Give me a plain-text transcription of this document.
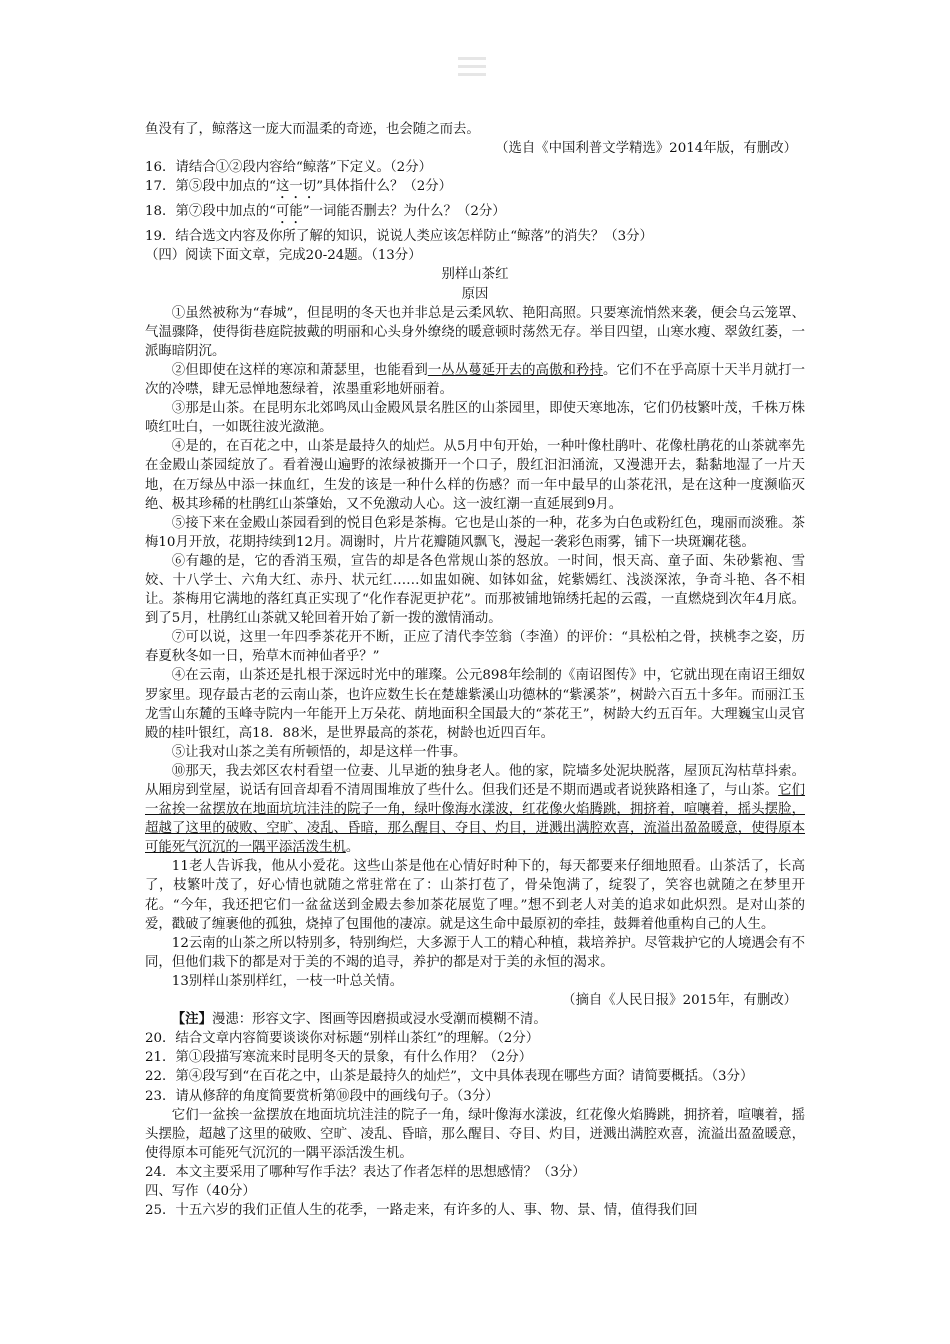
鱼没有了，鲸落这一庞大而温柔的奇迹，也会随之而去。

（选自《中国利普文学精选》2014年版，有删改）

16．请结合①②段内容给“鲸落”下定义。（2分）

17．第⑤段中加点的“这一切”具体指什么？（2分）

18．第⑦段中加点的“可能”一词能否删去？为什么？（2分）

19．结合选文内容及你所了解的知识，说说人类应该怎样防止“鲸落”的消失？（3分）

（四）阅读下面文章，完成20-24题。（13分）

别样山茶红

原因

①虽然被称为“春城”，但昆明的冬天也并非总是云柔风软、艳阳高照。只要寒流悄然来袭，便会乌云笼罩、气温骤降，使得街巷庭院披戴的明丽和心头身外缭绕的暖意顿时荡然无存。举目四望，山寒水瘦、翠敛红萎，一派晦暗阴沉。

②但即使在这样的寒凉和萧瑟里，也能看到一丛丛蔓延开去的高傲和矜持。它们不在乎高原十天半月就打一次的冷噤，肆无忌惮地葱绿着，浓墨重彩地妍丽着。

③那是山茶。在昆明东北郊鸣凤山金殿风景名胜区的山茶园里，即使天寒地冻，它们仍枝繁叶茂，千株万株喷红吐白，一如既往波光潋滟。

④是的，在百花之中，山茶是最持久的灿烂。从5月中旬开始，一种叶像杜鹃叶、花像杜鹃花的山茶就率先在金殿山茶园绽放了。看着漫山遍野的浓绿被撕开一个口子，殷红汩汩涌流，又漫漶开去，黏黏地湿了一片天地，在万绿丛中添一抹血红，生发的该是一种什么样的伤感？而一年中最早的山茶花汛，是在这种一度濒临灭绝、极其珍稀的杜鹃红山茶肇始，又不免激动人心。这一波红潮一直延展到9月。

⑤接下来在金殿山茶园看到的悦目色彩是茶梅。它也是山茶的一种，花多为白色或粉红色，瑰丽而淡雅。茶梅10月开放，花期持续到12月。凋谢时，片片花瓣随风飘飞，漫起一袭彩色雨雾，铺下一块斑斓花毯。

⑥有趣的是，它的香消玉殒，宣告的却是各色常规山茶的怒放。一时间，恨天高、童子面、朱砂紫袍、雪姣、十八学士、六角大红、赤丹、状元红……如盅如碗、如钵如盆，姹紫嫣红、浅淡深浓，争奇斗艳、各不相让。茶梅用它满地的落红真正实现了“化作春泥更护花”。而那被铺地锦绣托起的云霞，一直燃烧到次年4月底。到了5月，杜鹃红山茶就又轮回着开始了新一拨的激情涌动。

⑦可以说，这里一年四季茶花开不断，正应了清代李笠翁（李渔）的评价：“具松柏之骨，挟桃李之姿，历春夏秋冬如一日，殆草木而神仙者乎？”

④在云南，山茶还是扎根于深远时光中的璀璨。公元898年绘制的《南诏图传》中，它就出现在南诏王细奴罗家里。现存最古老的云南山茶，也许应数生长在楚雄紫溪山功德林的“紫溪茶”，树龄六百五十多年。而丽江玉龙雪山东麓的玉峰寺院内一年能开上万朵花、荫地面积全国最大的“茶花王”，树龄大约五百年。大理巍宝山灵官殿的桂叶银红，高18．88米，是世界最高的茶花，树龄也近四百年。

⑤让我对山茶之美有所顿悟的，却是这样一件事。

⑩那天，我去郊区农村看望一位妻、儿早逝的独身老人。他的家，院墙多处泥块脱落，屋顶瓦沟枯草抖索。从厢房到堂屋，说话有回音却看不清周围堆放了些什么。但我们还是不期而遇或者说狭路相逢了，与山茶。它们一盆挨一盆摆放在地面坑坑洼洼的院子一角，绿叶像海水漾波，红花像火焰腾跳，拥挤着，喧嚷着，摇头摆脸，超越了这里的破败、空旷、凌乱、昏暗，那么醒目、夺目、灼目，迸溅出满腔欢喜，流溢出盈盈暖意，使得原本可能死气沉沉的一隅平添活泼生机。

11老人告诉我，他从小爱花。这些山茶是他在心情好时种下的，每天都要来仔细地照看。山茶活了，长高了，枝繁叶茂了，好心情也就随之常驻常在了：山茶打苞了，骨朵饱满了，绽裂了，笑容也就随之在梦里开花。“今年，我还把它们一盆盆送到金殿去参加茶花展览了哩。”想不到老人对美的追求如此炽烈。是对山茶的爱，戳破了缠裹他的孤独，烧掉了包围他的凄凉。就是这生命中最原初的牵挂，鼓舞着他重构自己的人生。

12云南的山茶之所以特别多，特别绚烂，大多源于人工的精心种植，栽培养护。尽管栽护它的人境遇会有不同，但他们栽下的都是对于美的不竭的追寻，养护的都是对于美的永恒的渴求。

13别样山茶别样红，一枝一叶总关情。

（摘自《人民日报》2015年，有删改）

【注】漫漶：形容文字、图画等因磨损或浸水受潮而模糊不清。

20．结合文章内容简要谈谈你对标题“别样山茶红”的理解。（2分）

21．第①段描写寒流来时昆明冬天的景象，有什么作用？（2分）

22．第④段写到“在百花之中，山茶是最持久的灿烂”，文中具体表现在哪些方面？请简要概括。（3分）

23．请从修辞的角度简要赏析第⑩段中的画线句子。（3分）

它们一盆挨一盆摆放在地面坑坑洼洼的院子一角，绿叶像海水漾波，红花像火焰腾跳，拥挤着，喧嚷着，摇头摆脸，超越了这里的破败、空旷、凌乱、昏暗，那么醒目、夺目、灼目，迸溅出满腔欢喜，流溢出盈盈暖意，使得原本可能死气沉沉的一隅平添活泼生机。

24．本文主要采用了哪种写作手法？表达了作者怎样的思想感情？（3分）

四、写作（40分）

25．十五六岁的我们正值人生的花季，一路走来，有许多的人、事、物、景、情，值得我们回
